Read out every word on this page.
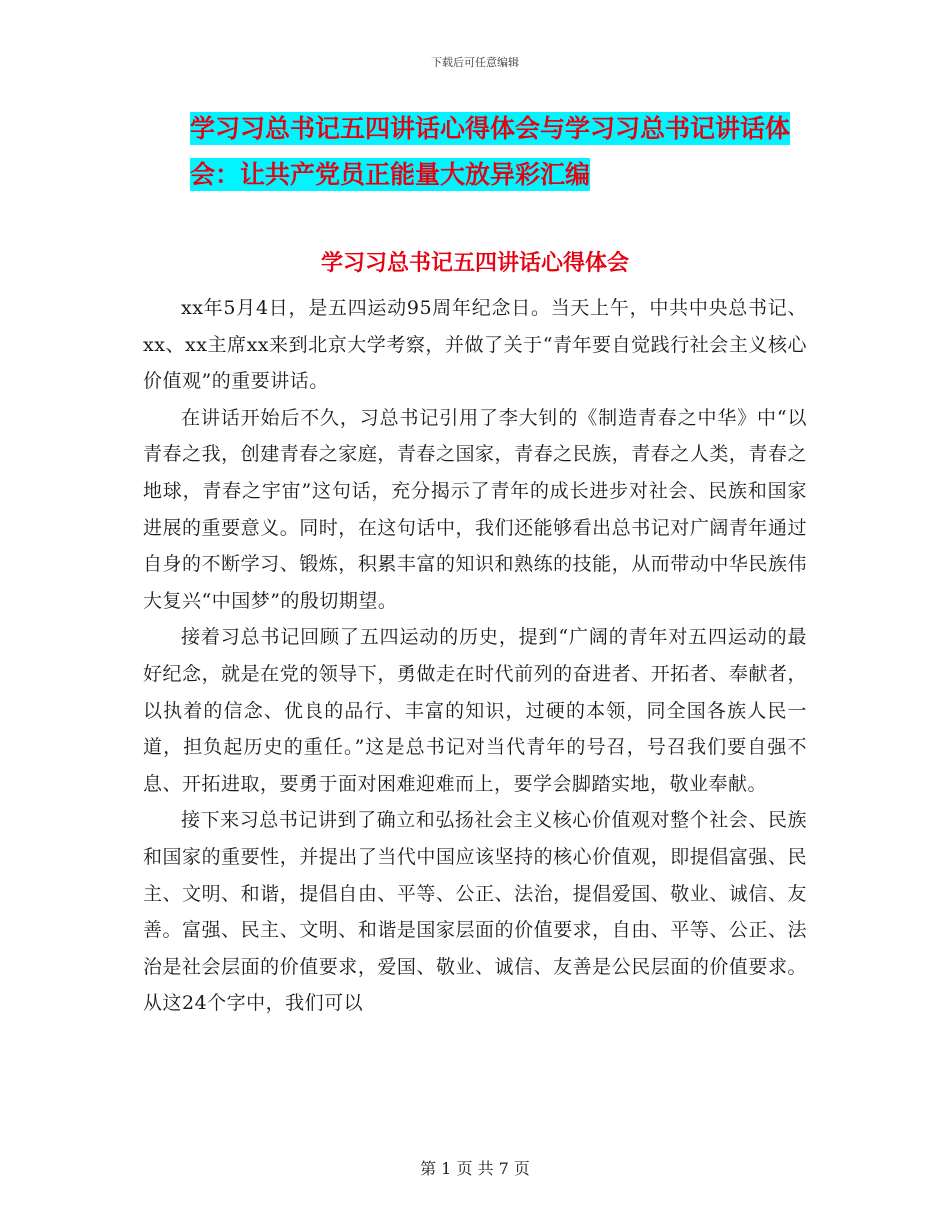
下载后可任意编辑
学习习总书记五四讲话心得体会与学习习总书记讲话体会：让共产党员正能量大放异彩汇编
学习习总书记五四讲话心得体会

xx年5月4日，是五四运动95周年纪念日。当天上午，中共中央总书记、xx、xx主席xx来到北京大学考察，并做了关于“青年要自觉践行社会主义核心价值观”的重要讲话。

在讲话开始后不久，习总书记引用了李大钊的《制造青春之中华》中“以青春之我，创建青春之家庭，青春之国家，青春之民族，青春之人类，青春之地球，青春之宇宙”这句话，充分揭示了青年的成长进步对社会、民族和国家进展的重要意义。同时，在这句话中，我们还能够看出总书记对广阔青年通过自身的不断学习、锻炼，积累丰富的知识和熟练的技能，从而带动中华民族伟大复兴“中国梦”的殷切期望。

接着习总书记回顾了五四运动的历史，提到“广阔的青年对五四运动的最好纪念，就是在党的领导下，勇做走在时代前列的奋进者、开拓者、奉献者，以执着的信念、优良的品行、丰富的知识，过硬的本领，同全国各族人民一道，担负起历史的重任。”这是总书记对当代青年的号召，号召我们要自强不息、开拓进取，要勇于面对困难迎难而上，要学会脚踏实地，敬业奉献。

接下来习总书记讲到了确立和弘扬社会主义核心价值观对整个社会、民族和国家的重要性，并提出了当代中国应该坚持的核心价值观，即提倡富强、民主、文明、和谐，提倡自由、平等、公正、法治，提倡爱国、敬业、诚信、友善。富强、民主、文明、和谐是国家层面的价值要求，自由、平等、公正、法治是社会层面的价值要求，爱国、敬业、诚信、友善是公民层面的价值要求。从这24个字中，我们可以

第 1 页 共 7 页
